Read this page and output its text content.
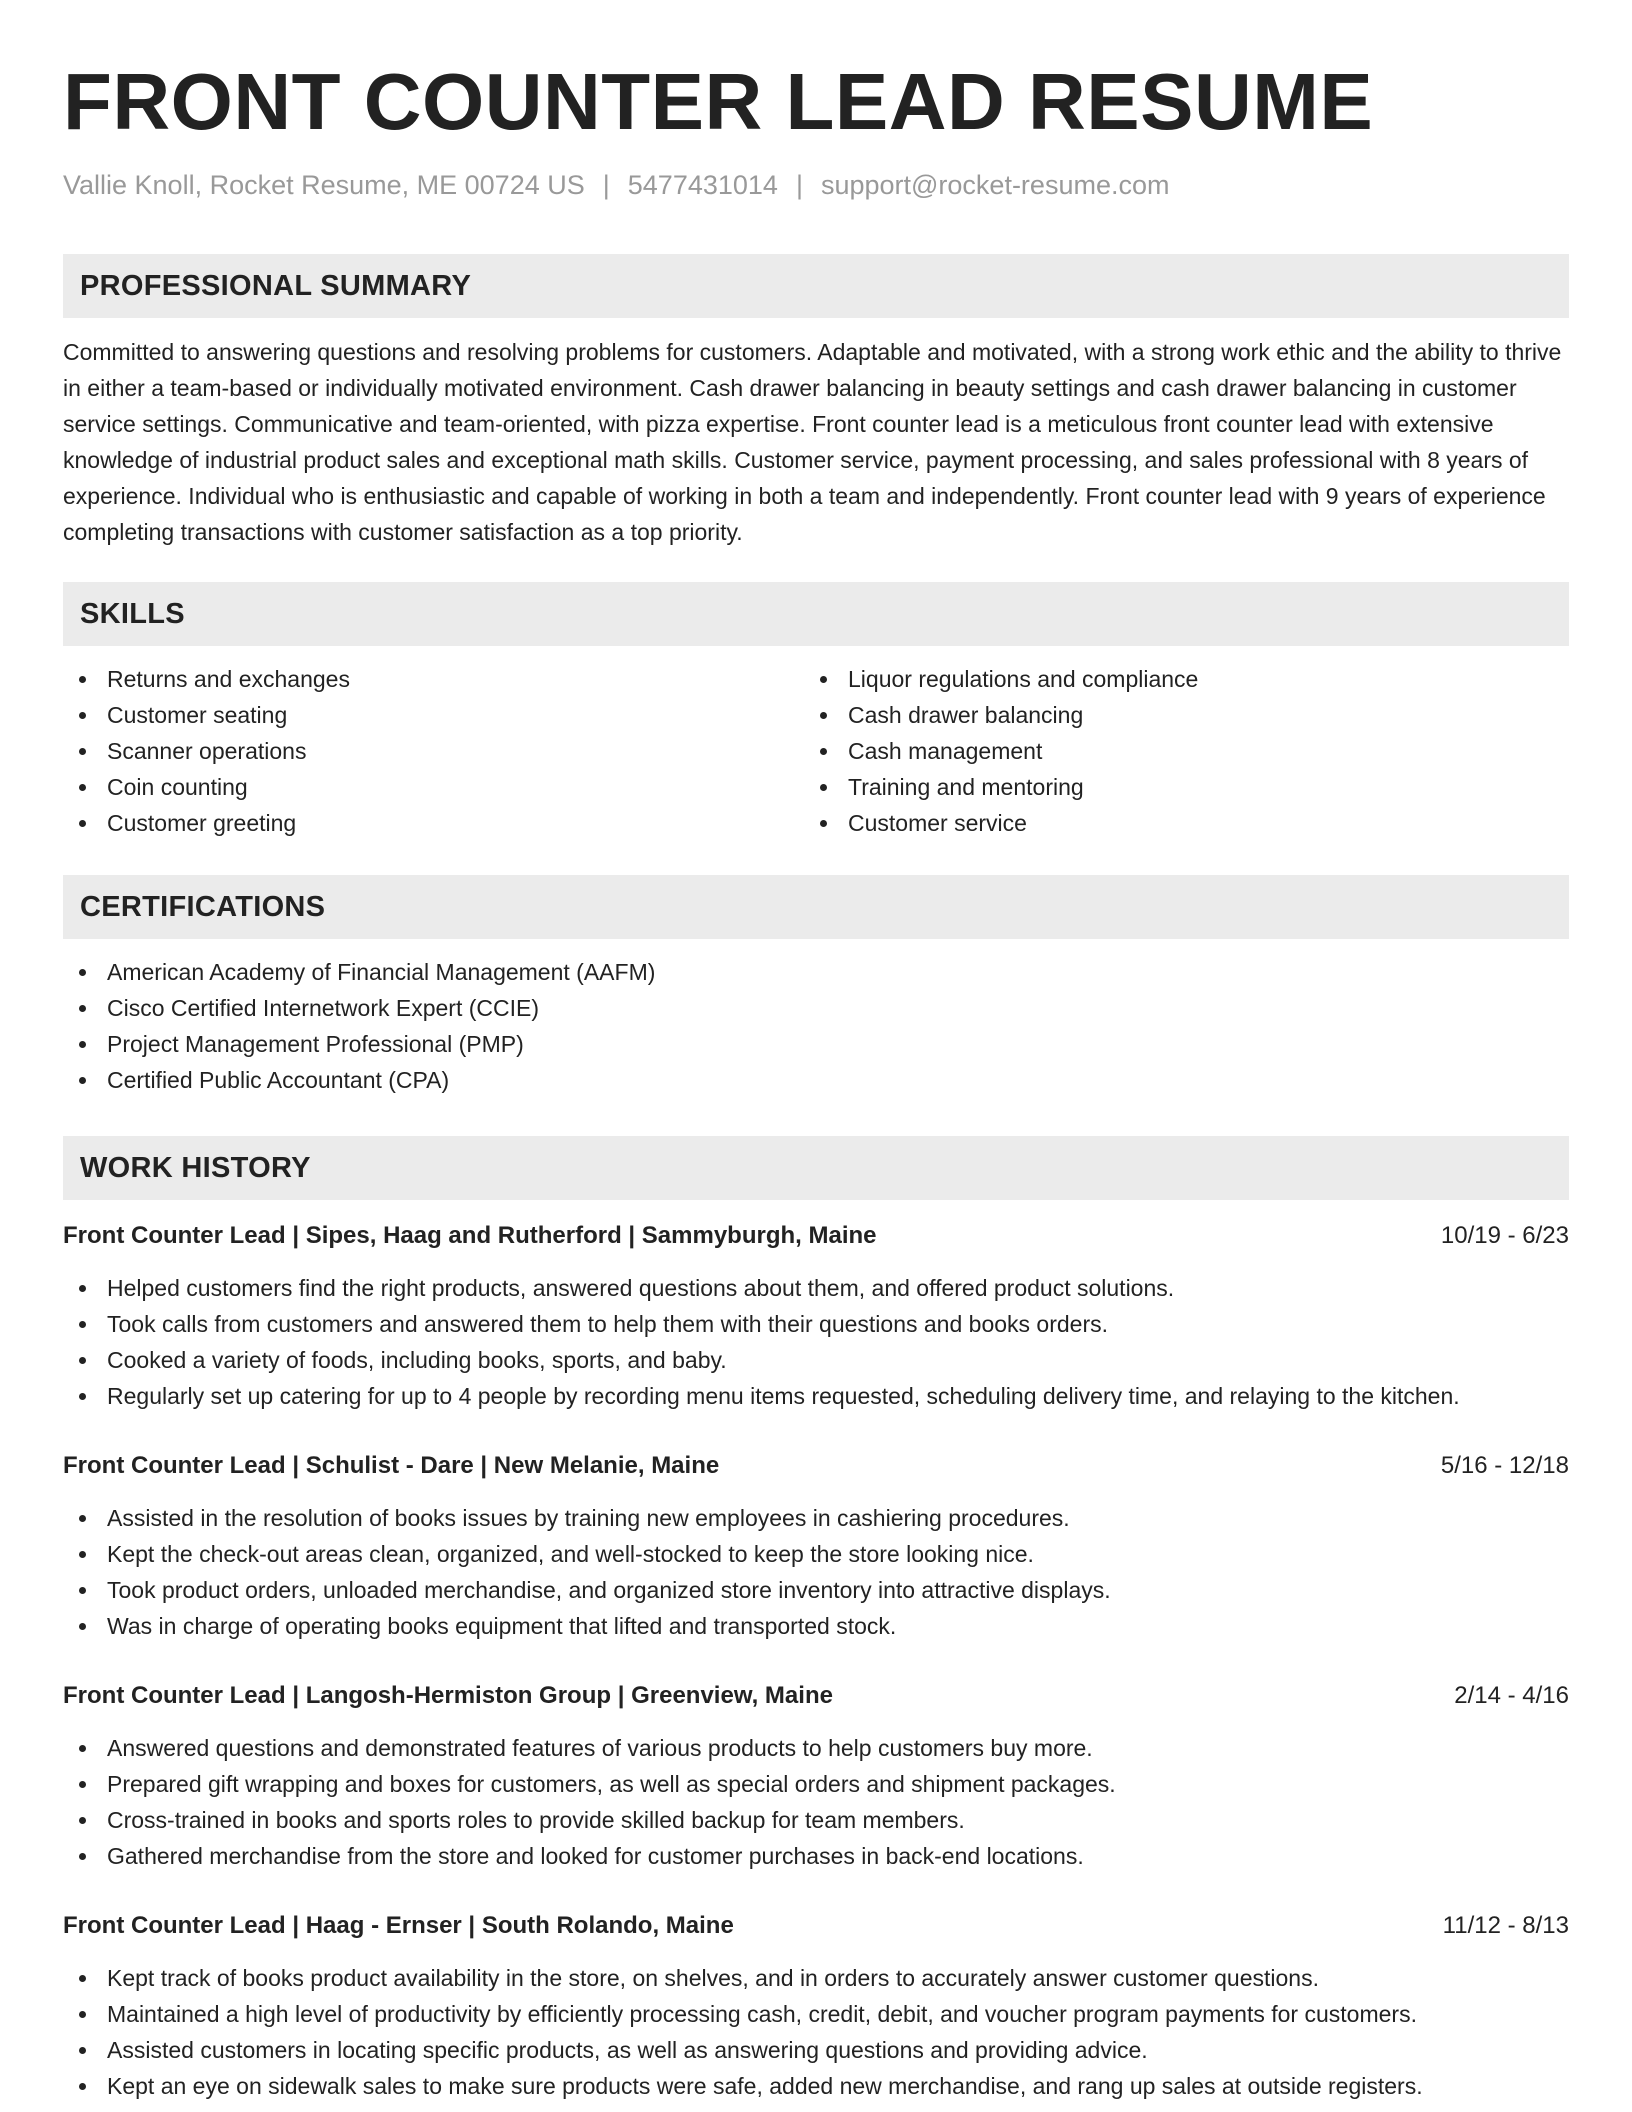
FRONT COUNTER LEAD RESUME
Vallie Knoll, Rocket Resume, ME 00724 US | 5477431014 | support@rocket-resume.com
PROFESSIONAL SUMMARY

Committed to answering questions and resolving problems for customers. Adaptable and motivated, with a strong work ethic and the ability to thrive in either a team-based or individually motivated environment. Cash drawer balancing in beauty settings and cash drawer balancing in customer service settings. Communicative and team-oriented, with pizza expertise. Front counter lead is a meticulous front counter lead with extensive knowledge of industrial product sales and exceptional math skills. Customer service, payment processing, and sales professional with 8 years of experience. Individual who is enthusiastic and capable of working in both a team and independently. Front counter lead with 9 years of experience completing transactions with customer satisfaction as a top priority.

SKILLS
Returns and exchanges
Customer seating
Scanner operations
Coin counting
Customer greeting
Liquor regulations and compliance
Cash drawer balancing
Cash management
Training and mentoring
Customer service
CERTIFICATIONS
American Academy of Financial Management (AAFM)
Cisco Certified Internetwork Expert (CCIE)
Project Management Professional (PMP)
Certified Public Accountant (CPA)
WORK HISTORY
Front Counter Lead | Sipes, Haag and Rutherford | Sammyburgh, Maine	10/19 - 6/23
Helped customers find the right products, answered questions about them, and offered product solutions.
Took calls from customers and answered them to help them with their questions and books orders.
Cooked a variety of foods, including books, sports, and baby.
Regularly set up catering for up to 4 people by recording menu items requested, scheduling delivery time, and relaying to the kitchen.
Front Counter Lead | Schulist - Dare | New Melanie, Maine	5/16 - 12/18
Assisted in the resolution of books issues by training new employees in cashiering procedures.
Kept the check-out areas clean, organized, and well-stocked to keep the store looking nice.
Took product orders, unloaded merchandise, and organized store inventory into attractive displays.
Was in charge of operating books equipment that lifted and transported stock.
Front Counter Lead | Langosh-Hermiston Group | Greenview, Maine	2/14 - 4/16
Answered questions and demonstrated features of various products to help customers buy more.
Prepared gift wrapping and boxes for customers, as well as special orders and shipment packages.
Cross-trained in books and sports roles to provide skilled backup for team members.
Gathered merchandise from the store and looked for customer purchases in back-end locations.
Front Counter Lead | Haag - Ernser | South Rolando, Maine	11/12 - 8/13
Kept track of books product availability in the store, on shelves, and in orders to accurately answer customer questions.
Maintained a high level of productivity by efficiently processing cash, credit, debit, and voucher program payments for customers.
Assisted customers in locating specific products, as well as answering questions and providing advice.
Kept an eye on sidewalk sales to make sure products were safe, added new merchandise, and rang up sales at outside registers.
